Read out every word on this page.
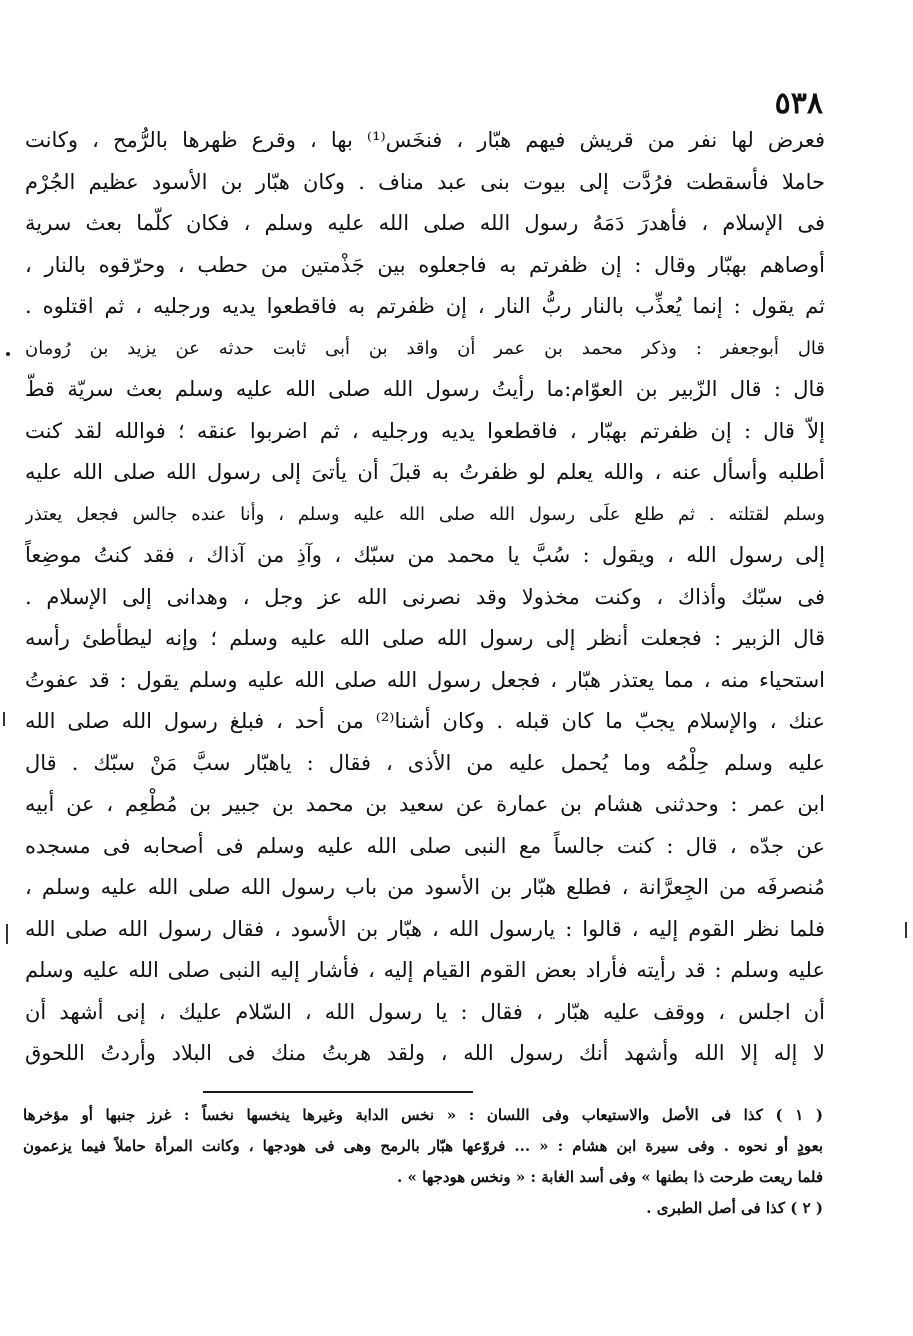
٥٣٨
فعرض لها نفر من قريش فيهم هبّار ، فنخَس⁽¹⁾ بها ، وقرع ظهرها بالرُّمح ، وكانت
حاملا فأسقطت فرُدَّت إلى بيوت بنى عبد مناف . وكان هبّار بن الأسود عظيم الجُرْم
فى الإسلام ، فأهدرَ دَمَهُ رسول الله صلى الله عليه وسلم ، فكان كلّما بعث سرية
أوصاهم بهبّار وقال : إن ظفرتم به فاجعلوه بين جَذْمتين من حطب ، وحرّقوه بالنار ،
ثم يقول : إنما يُعذِّب بالنار ربُّ النار ، إن ظفرتم به فاقطعوا يديه ورجليه ، ثم اقتلوه .
قال أبوجعفر : وذكر محمد بن عمر أن واقد بن أبى ثابت حدثه عن يزيد بن رُومان
قال : قال الزّبير بن العوّام:ما رأيتُ رسول الله صلى الله عليه وسلم بعث سريّة قطّ
إلاّ قال : إن ظفرتم بهبّار ، فاقطعوا يديه ورجليه ، ثم اضربوا عنقه ؛ فوالله لقد كنت
أطلبه وأسأل عنه ، والله يعلم لو ظفرتُ به قبلَ أن يأتىَ إلى رسول الله صلى الله عليه
وسلم لقتلته . ثم طلع علَى رسول الله صلى الله عليه وسلم ، وأنا عنده جالس فجعل يعتذر
إلى رسول الله ، ويقول : سُبَّ يا محمد من سبّك ، وآذِ من آذاك ، فقد كنتُ موضِعاً
فى سبّك وأذاك ، وكنت مخذولا وقد نصرنى الله عز وجل ، وهدانى إلى الإسلام .
قال الزبير : فجعلت أنظر إلى رسول الله صلى الله عليه وسلم ؛ وإنه ليطأطئ رأسه
استحياء منه ، مما يعتذر هبّار ، فجعل رسول الله صلى الله عليه وسلم يقول : قد عفوتُ
عنك ، والإسلام يجبّ ما كان قبله . وكان أشنا⁽²⁾ من أحد ، فبلغ رسول الله صلى الله
عليه وسلم حِلْمُه وما يُحمل عليه من الأذى ، فقال : ياهبّار سبَّ مَنْ سبّك . قال
ابن عمر : وحدثنى هشام بن عمارة عن سعيد بن محمد بن جبير بن مُطْعِم ، عن أبيه
عن جدّه ، قال : كنت جالساً مع النبى صلى الله عليه وسلم فى أصحابه فى مسجده
مُنصرفَه من الجِعرَّانة ، فطلع هبّار بن الأسود من باب رسول الله صلى الله عليه وسلم ،
فلما نظر القوم إليه ، قالوا : يارسول الله ، هبّار بن الأسود ، فقال رسول الله صلى الله
عليه وسلم : قد رأيته فأراد بعض القوم القيام إليه ، فأشار إليه النبى صلى الله عليه وسلم
أن اجلس ، ووقف عليه هبّار ، فقال : يا رسول الله ، السّلام عليك ، إنى أشهد أن
لا إله إلا الله وأشهد أنك رسول الله ، ولقد هربتُ منك فى البلاد وأردتُ اللحوق
( ١ ) كذا فى الأصل والاستيعاب وفى اللسان : « نخس الدابة وغيرها ينخسها نخساً : غرز جنبها أو مؤخرها
بعودٍ أو نحوه . وفى سيرة ابن هشام : « ... فروّعها هبّار بالرمح وهى فى هودجها ، وكانت المرأة حاملاً فيما يزعمون
فلما ريعت طرحت ذا بطنها » وفى أسد الغابة : « ونخس هودجها » .
( ٢ ) كذا فى أصل الطبرى .
